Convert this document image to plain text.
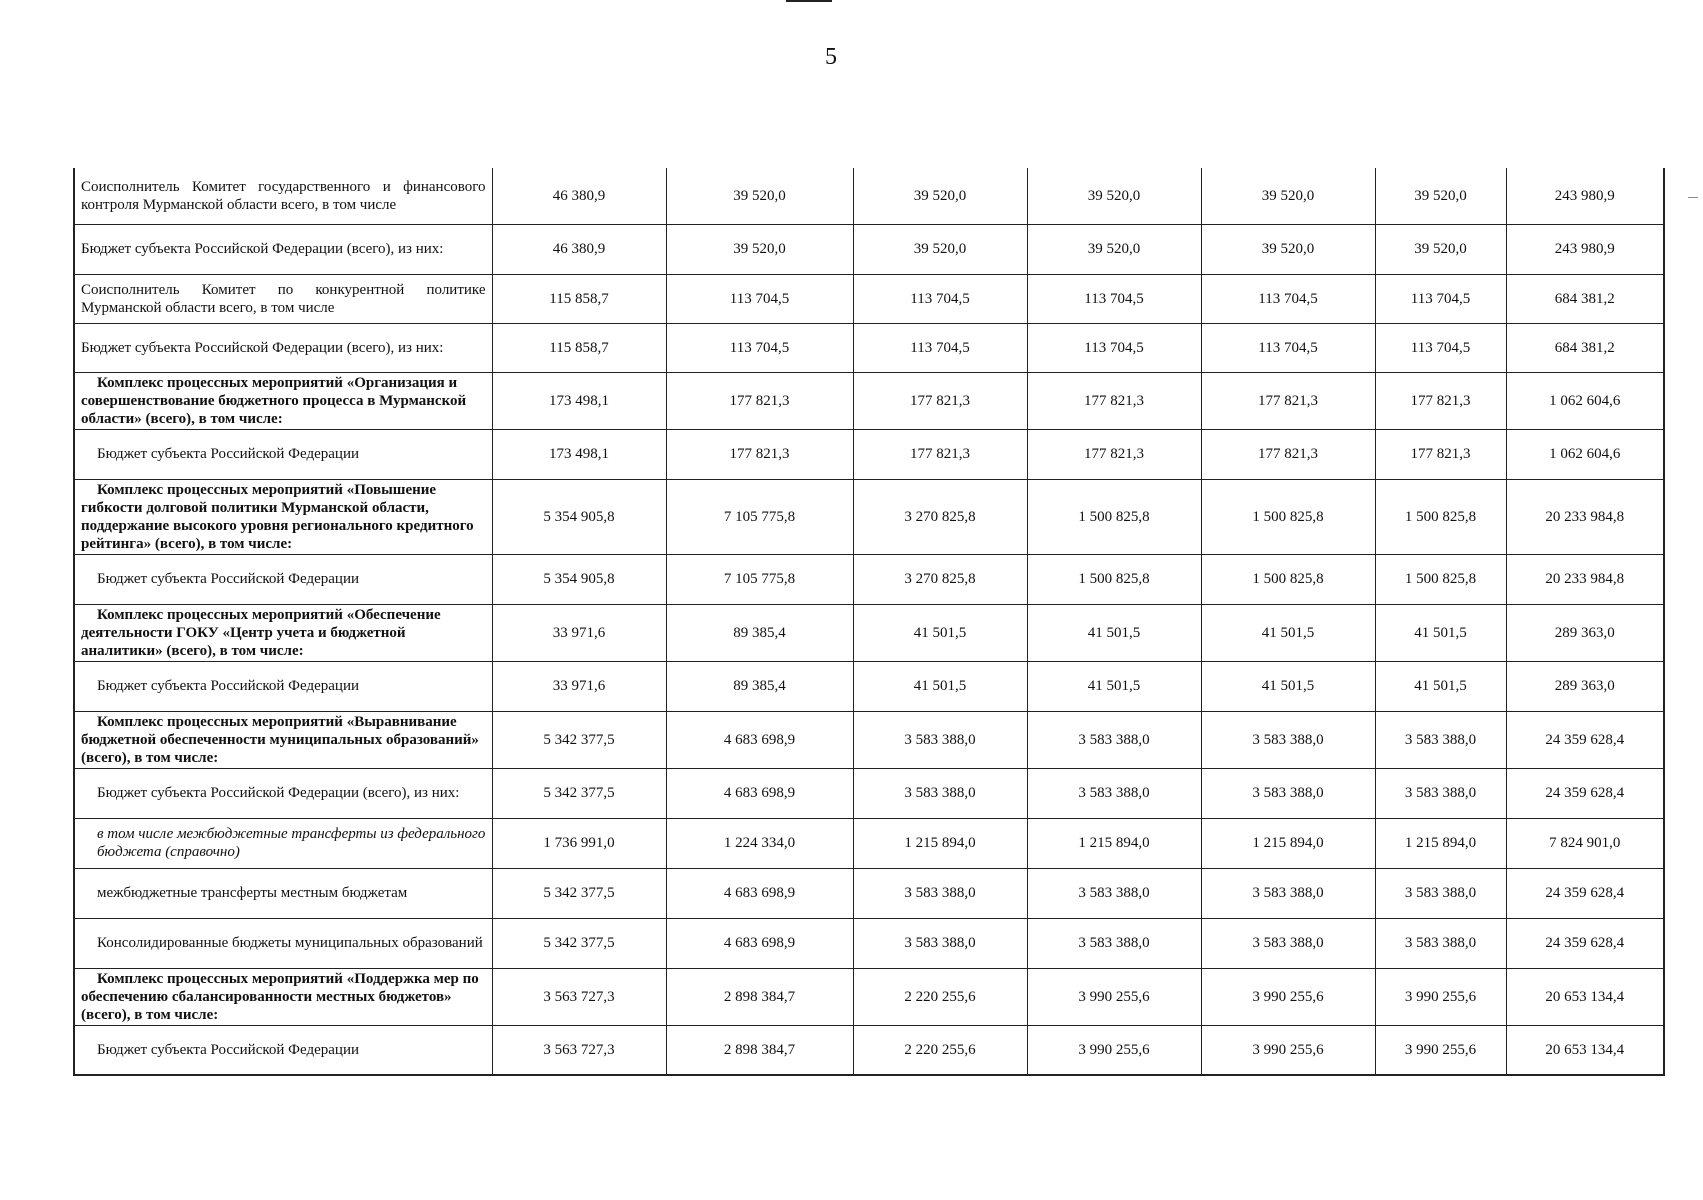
5
Соисполнитель Комитет государственного и финансового контроля Мурманской области всего, в том числе	46 380,9	39 520,0	39 520,0	39 520,0	39 520,0	39 520,0	243 980,9
Бюджет субъекта Российской Федерации (всего), из них:	46 380,9	39 520,0	39 520,0	39 520,0	39 520,0	39 520,0	243 980,9
Соисполнитель Комитет по конкурентной политике Мурманской области всего, в том числе	115 858,7	113 704,5	113 704,5	113 704,5	113 704,5	113 704,5	684 381,2
Бюджет субъекта Российской Федерации (всего), из них:	115 858,7	113 704,5	113 704,5	113 704,5	113 704,5	113 704,5	684 381,2
Комплекс процессных мероприятий «Организация и совершенствование бюджетного процесса в Мурманской области» (всего), в том числе:	173 498,1	177 821,3	177 821,3	177 821,3	177 821,3	177 821,3	1 062 604,6
Бюджет субъекта Российской Федерации	173 498,1	177 821,3	177 821,3	177 821,3	177 821,3	177 821,3	1 062 604,6
Комплекс процессных мероприятий «Повышение гибкости долговой политики Мурманской области, поддержание высокого уровня регионального кредитного рейтинга» (всего), в том числе:	5 354 905,8	7 105 775,8	3 270 825,8	1 500 825,8	1 500 825,8	1 500 825,8	20 233 984,8
Бюджет субъекта Российской Федерации	5 354 905,8	7 105 775,8	3 270 825,8	1 500 825,8	1 500 825,8	1 500 825,8	20 233 984,8
Комплекс процессных мероприятий «Обеспечение деятельности ГОКУ «Центр учета и бюджетной аналитики» (всего), в том числе:	33 971,6	89 385,4	41 501,5	41 501,5	41 501,5	41 501,5	289 363,0
Бюджет субъекта Российской Федерации	33 971,6	89 385,4	41 501,5	41 501,5	41 501,5	41 501,5	289 363,0
Комплекс процессных мероприятий «Выравнивание бюджетной обеспеченности муниципальных образований» (всего), в том числе:	5 342 377,5	4 683 698,9	3 583 388,0	3 583 388,0	3 583 388,0	3 583 388,0	24 359 628,4
Бюджет субъекта Российской Федерации (всего), из них:	5 342 377,5	4 683 698,9	3 583 388,0	3 583 388,0	3 583 388,0	3 583 388,0	24 359 628,4
в том числе межбюджетные трансферты из федерального бюджета (справочно)	1 736 991,0	1 224 334,0	1 215 894,0	1 215 894,0	1 215 894,0	1 215 894,0	7 824 901,0
межбюджетные трансферты местным бюджетам	5 342 377,5	4 683 698,9	3 583 388,0	3 583 388,0	3 583 388,0	3 583 388,0	24 359 628,4
Консолидированные бюджеты муниципальных образований	5 342 377,5	4 683 698,9	3 583 388,0	3 583 388,0	3 583 388,0	3 583 388,0	24 359 628,4
Комплекс процессных мероприятий «Поддержка мер по обеспечению сбалансированности местных бюджетов» (всего), в том числе:	3 563 727,3	2 898 384,7	2 220 255,6	3 990 255,6	3 990 255,6	3 990 255,6	20 653 134,4
Бюджет субъекта Российской Федерации	3 563 727,3	2 898 384,7	2 220 255,6	3 990 255,6	3 990 255,6	3 990 255,6	20 653 134,4
